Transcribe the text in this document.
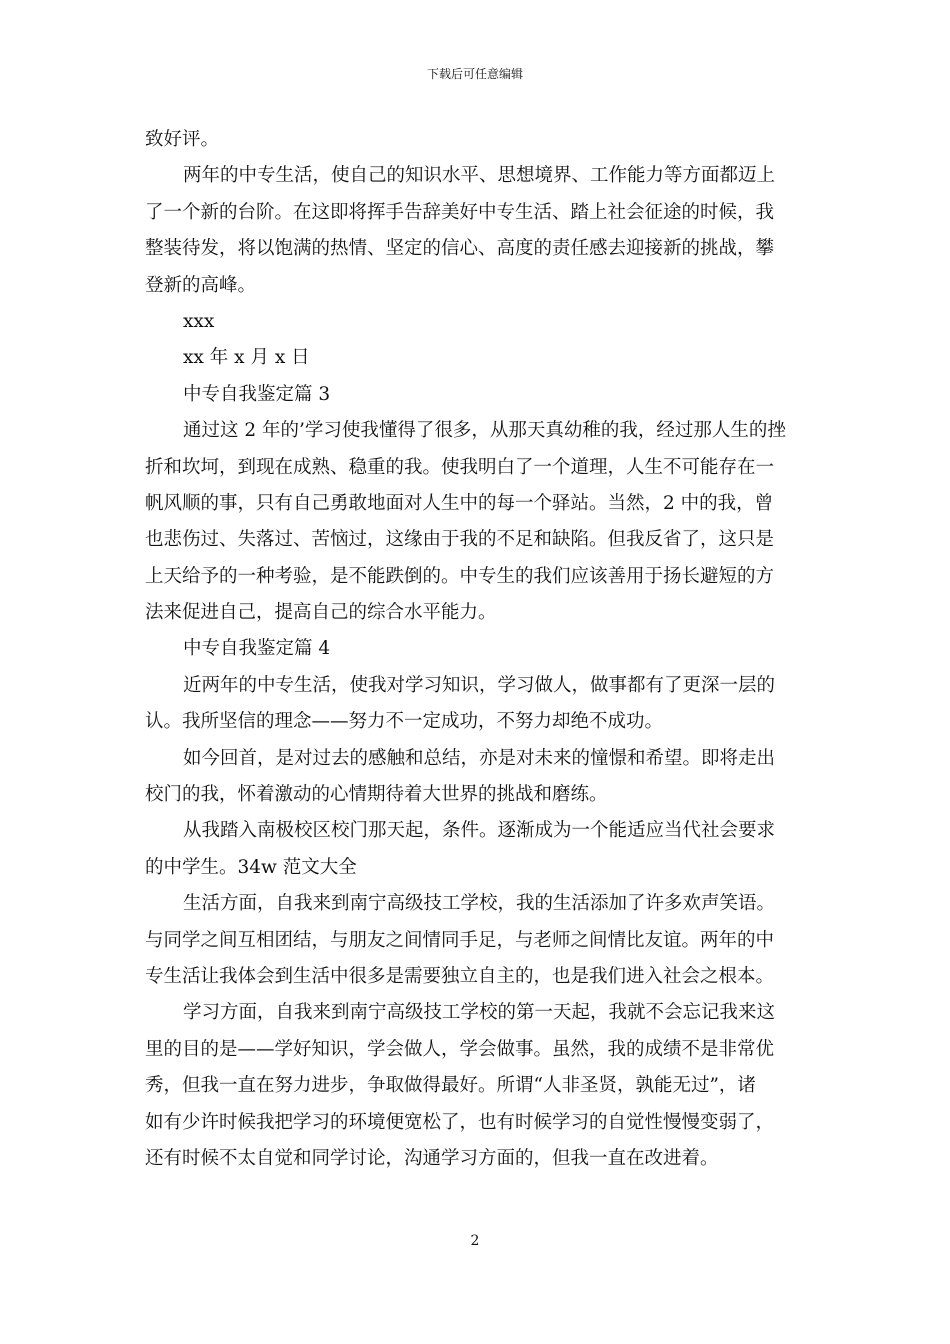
下载后可任意编辑
致好评。
两年的中专生活，使自己的知识水平、思想境界、工作能力等方面都迈上
了一个新的台阶。在这即将挥手告辞美好中专生活、踏上社会征途的时候，我
整装待发，将以饱满的热情、坚定的信心、高度的责任感去迎接新的挑战，攀
登新的高峰。
xxx
xx 年 x 月 x 日
中专自我鉴定篇 3
通过这 2 年的’学习使我懂得了很多，从那天真幼稚的我，经过那人生的挫
折和坎坷，到现在成熟、稳重的我。使我明白了一个道理，人生不可能存在一
帆风顺的事，只有自己勇敢地面对人生中的每一个驿站。当然，2 中的我，曾
也悲伤过、失落过、苦恼过，这缘由于我的不足和缺陷。但我反省了，这只是
上天给予的一种考验，是不能跌倒的。中专生的我们应该善用于扬长避短的方
法来促进自己，提高自己的综合水平能力。
中专自我鉴定篇 4
近两年的中专生活，使我对学习知识，学习做人，做事都有了更深一层的
认。我所坚信的理念——努力不一定成功，不努力却绝不成功。
如今回首，是对过去的感触和总结，亦是对未来的憧憬和希望。即将走出
校门的我，怀着激动的心情期待着大世界的挑战和磨练。
从我踏入南极校区校门那天起，条件。逐渐成为一个能适应当代社会要求
的中学生。34w 范文大全
生活方面，自我来到南宁高级技工学校，我的生活添加了许多欢声笑语。
与同学之间互相团结，与朋友之间情同手足，与老师之间情比友谊。两年的中
专生活让我体会到生活中很多是需要独立自主的，也是我们进入社会之根本。
学习方面，自我来到南宁高级技工学校的第一天起，我就不会忘记我来这
里的目的是——学好知识，学会做人，学会做事。虽然，我的成绩不是非常优
秀，但我一直在努力进步，争取做得最好。所谓“人非圣贤，孰能无过”，诸
如有少许时候我把学习的环境便宽松了，也有时候学习的自觉性慢慢变弱了，
还有时候不太自觉和同学讨论，沟通学习方面的，但我一直在改进着。
2
